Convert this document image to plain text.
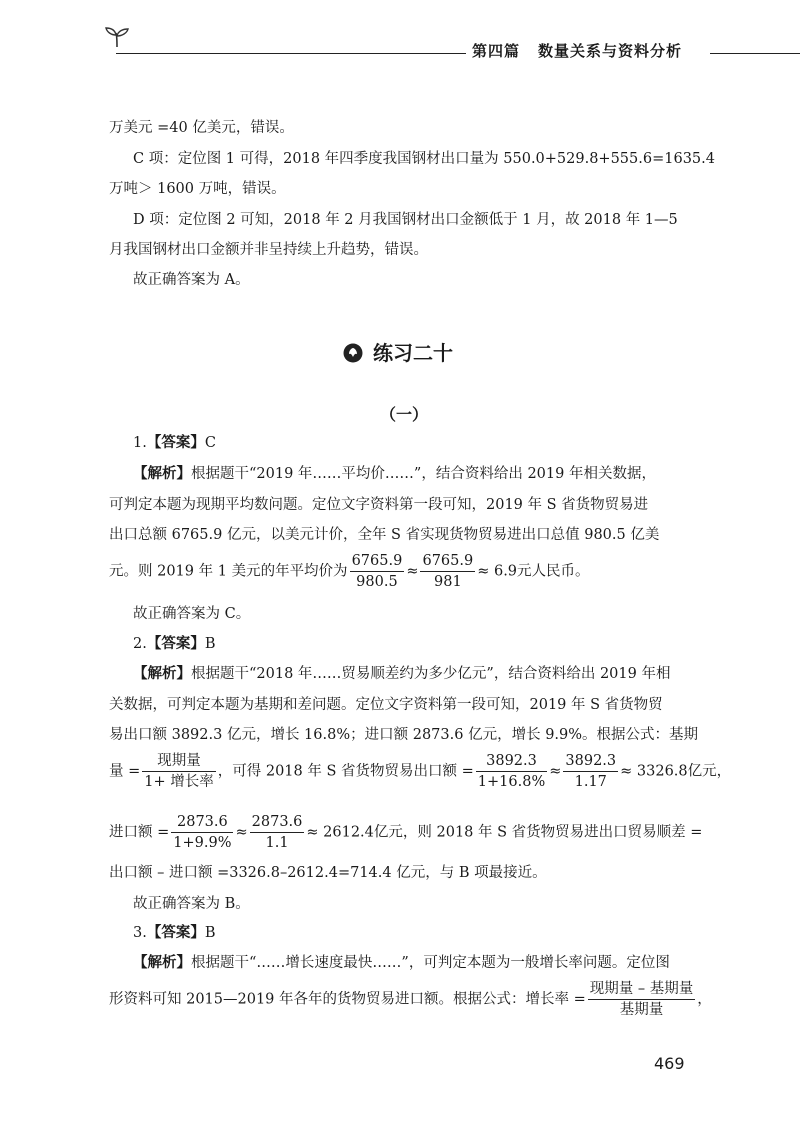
第四篇 数量关系与资料分析
万美元 =40 亿美元，错误。
C 项：定位图 1 可得，2018 年四季度我国钢材出口量为 550.0+529.8+555.6=1635.4
万吨＞ 1600 万吨，错误。
D 项：定位图 2 可知，2018 年 2 月我国钢材出口金额低于 1 月，故 2018 年 1—5
月我国钢材出口金额并非呈持续上升趋势，错误。
故正确答案为 A。
练习二十
（一）
1.【答案】C
【解析】根据题干“2019 年……平均价……”，结合资料给出 2019 年相关数据，
可判定本题为现期平均数问题。定位文字资料第一段可知，2019 年 S 省货物贸易进
出口总额 6765.9 亿元，以美元计价，全年 S 省实现货物贸易进出口总值 980.5 亿美
元。则 2019 年 1 美元的年平均价为 $\frac{6765.9}{980.5} \approx \frac{6765.9}{981} \approx 6.9$元人民币。
故正确答案为 C。
2.【答案】B
【解析】根据题干“2018 年……贸易顺差约为多少亿元”，结合资料给出 2019 年相
关数据，可判定本题为基期和差问题。定位文字资料第一段可知，2019 年 S 省货物贸
易出口额 3892.3 亿元，增长 16.8%；进口额 2873.6 亿元，增长 9.9%。根据公式：基期
量 = $\frac{\text{现期量}}{\text{1+ 增长率}}$ ，可得 2018 年 S 省货物贸易出口额 = $\frac{3892.3}{1+16.8\%} \approx \frac{3892.3}{1.17} \approx 3326.8$亿元，
进口额 = $\frac{2873.6}{1+9.9\%} \approx \frac{2873.6}{1.1} \approx 2612.4$亿元，则 2018 年 S 省货物贸易进出口贸易顺差 =
出口额 – 进口额 =3326.8–2612.4=714.4 亿元，与 B 项最接近。
故正确答案为 B。
3.【答案】B
【解析】根据题干“……增长速度最快……”，可判定本题为一般增长率问题。定位图
形资料可知 2015—2019 年各年的货物贸易进口额。根据公式：增长率 = $\frac{\text{现期量 – 基期量}}{\text{基期量}}$ ，
469
